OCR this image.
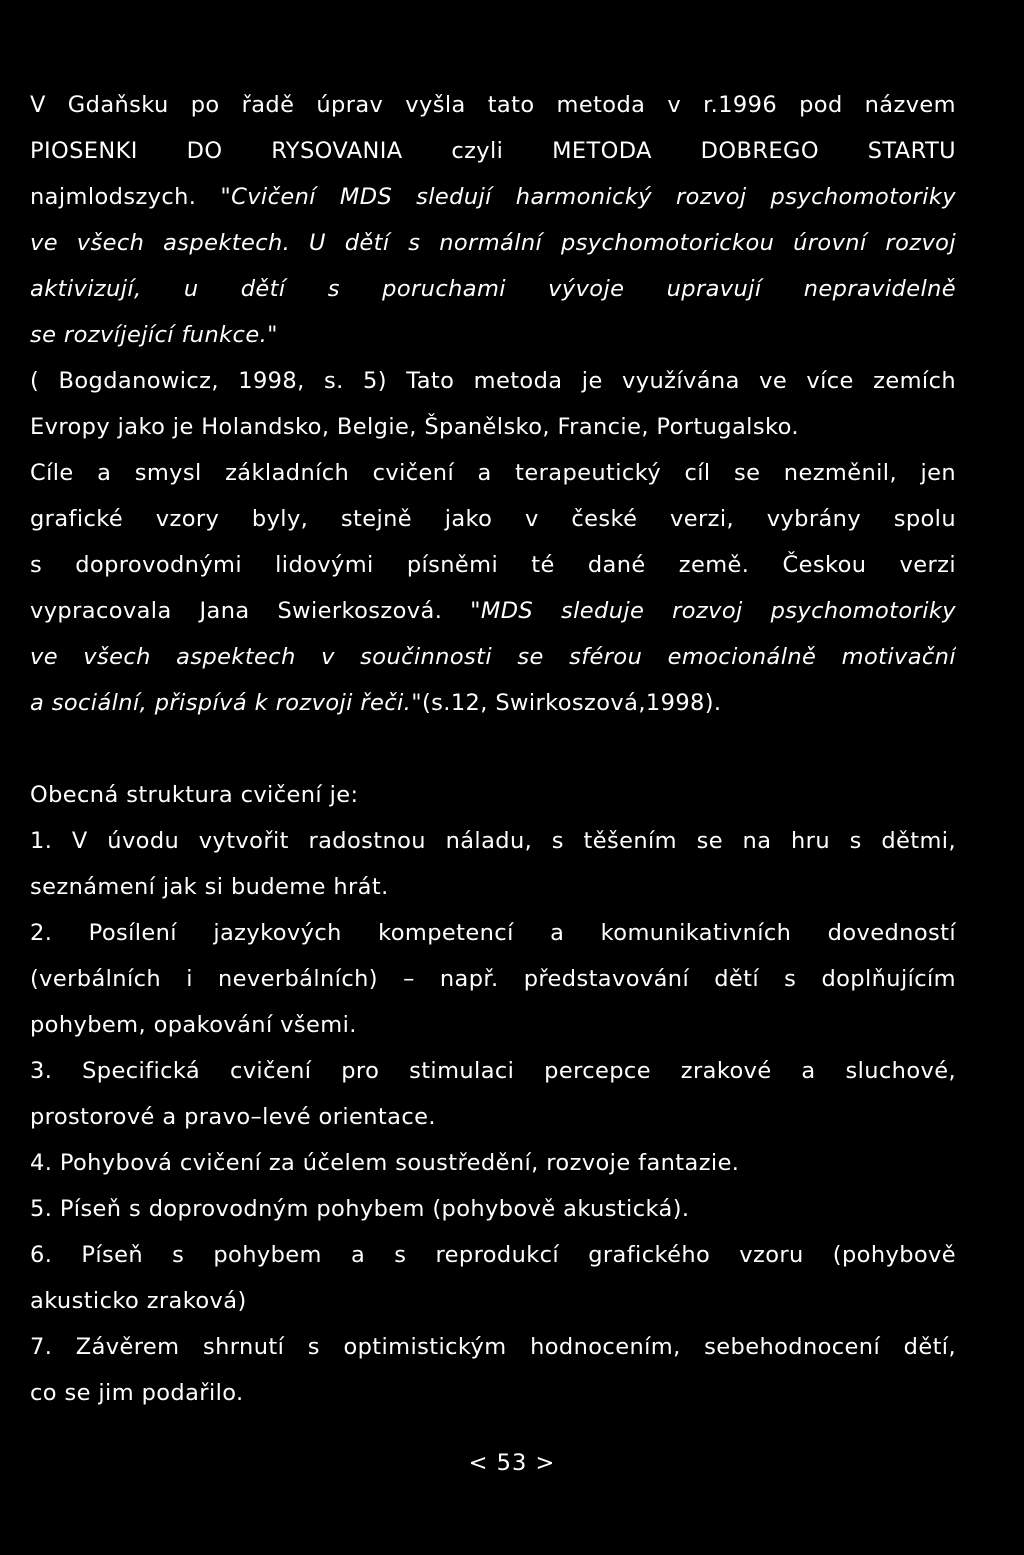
V Gdaňsku po řadě úprav vyšla tato metoda v r.1996 pod názvem
PIOSENKI DO RYSOVANIA czyli METODA DOBREGO STARTU
najmlodszych. "Cvičení MDS sledují harmonický rozvoj psychomotoriky
ve všech aspektech. U dětí s normální psychomotorickou úrovní rozvoj
aktivizují, u dětí s poruchami vývoje upravují nepravidelně
se rozvíjející funkce."
( Bogdanowicz, 1998, s. 5) Tato metoda je využívána ve více zemích
Evropy jako je Holandsko, Belgie, Španělsko, Francie, Portugalsko.
Cíle a smysl základních cvičení a terapeutický cíl se nezměnil, jen
grafické vzory byly, stejně jako v české verzi, vybrány spolu
s doprovodnými lidovými písněmi té dané země. Českou verzi
vypracovala Jana Swierkoszová. "MDS sleduje rozvoj psychomotoriky
ve všech aspektech v součinnosti se sférou emocionálně motivační
a sociální, přispívá k rozvoji řeči."(s.12, Swirkoszová,1998).
Obecná struktura cvičení je:
1. V úvodu vytvořit radostnou náladu, s těšením se na hru s dětmi,
seznámení jak si budeme hrát.
2. Posílení jazykových kompetencí a komunikativních dovedností
(verbálních i neverbálních) – např. představování dětí s doplňujícím
pohybem, opakování všemi.
3. Specifická cvičení pro stimulaci percepce zrakové a sluchové,
prostorové a pravo–levé orientace.
4. Pohybová cvičení za účelem soustředění, rozvoje fantazie.
5. Píseň s doprovodným pohybem (pohybově akustická).
6. Píseň s pohybem a s reprodukcí grafického vzoru (pohybově
akusticko zraková)
7. Závěrem shrnutí s optimistickým hodnocením, sebehodnocení dětí,
co se jim podařilo.
< 53 >
